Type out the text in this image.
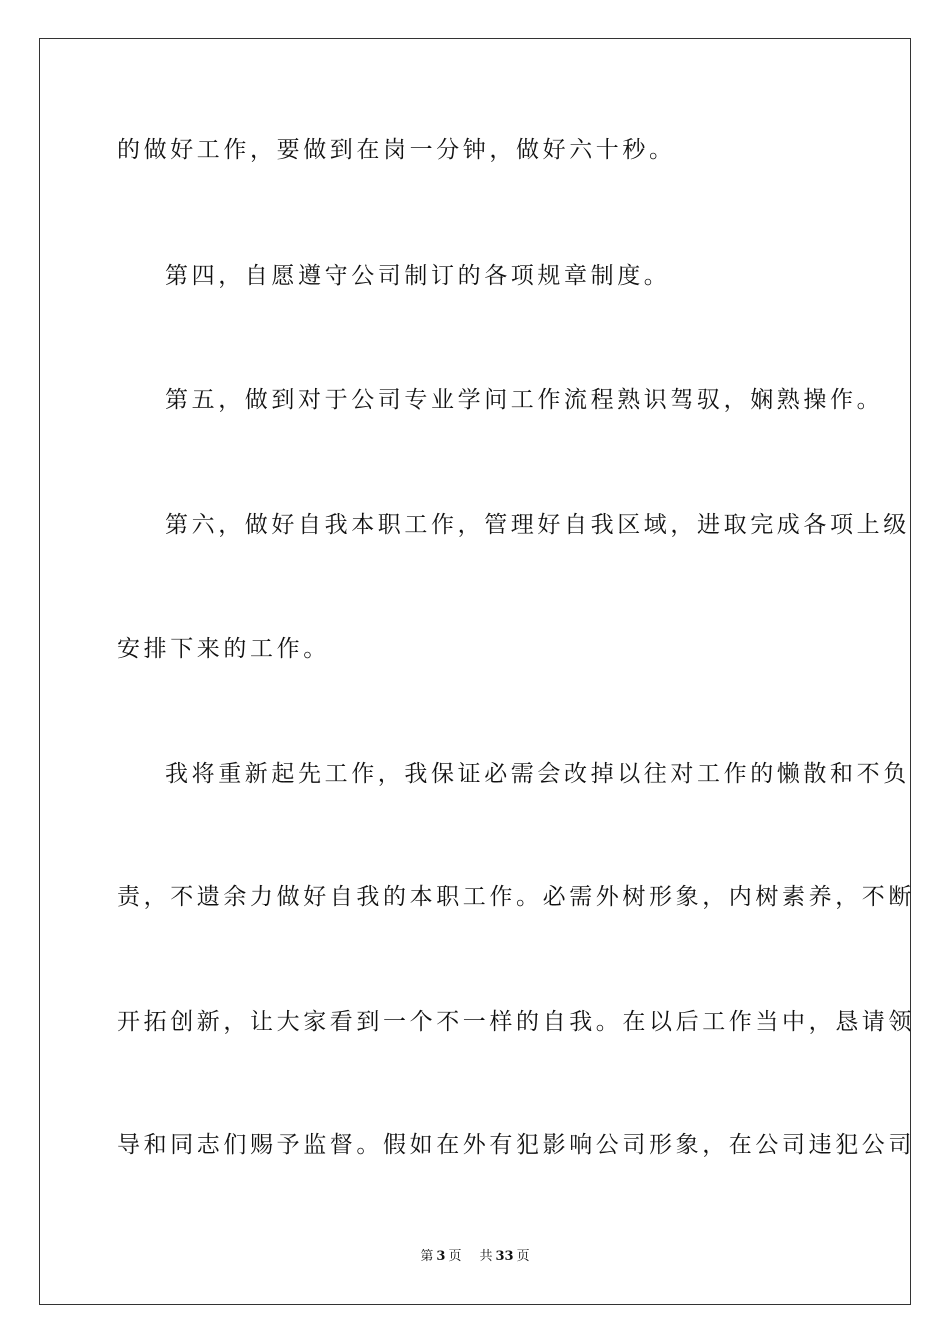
的做好工作，要做到在岗一分钟，做好六十秒。
第四，自愿遵守公司制订的各项规章制度。
第五，做到对于公司专业学问工作流程熟识驾驭，娴熟操作。
第六，做好自我本职工作，管理好自我区域，进取完成各项上级
安排下来的工作。
我将重新起先工作，我保证必需会改掉以往对工作的懒散和不负
责，不遗余力做好自我的本职工作。必需外树形象，内树素养，不断
开拓创新，让大家看到一个不一样的自我。在以后工作当中，恳请领
导和同志们赐予监督。假如在外有犯影响公司形象，在公司违犯公司
第 3 页 共 33 页
